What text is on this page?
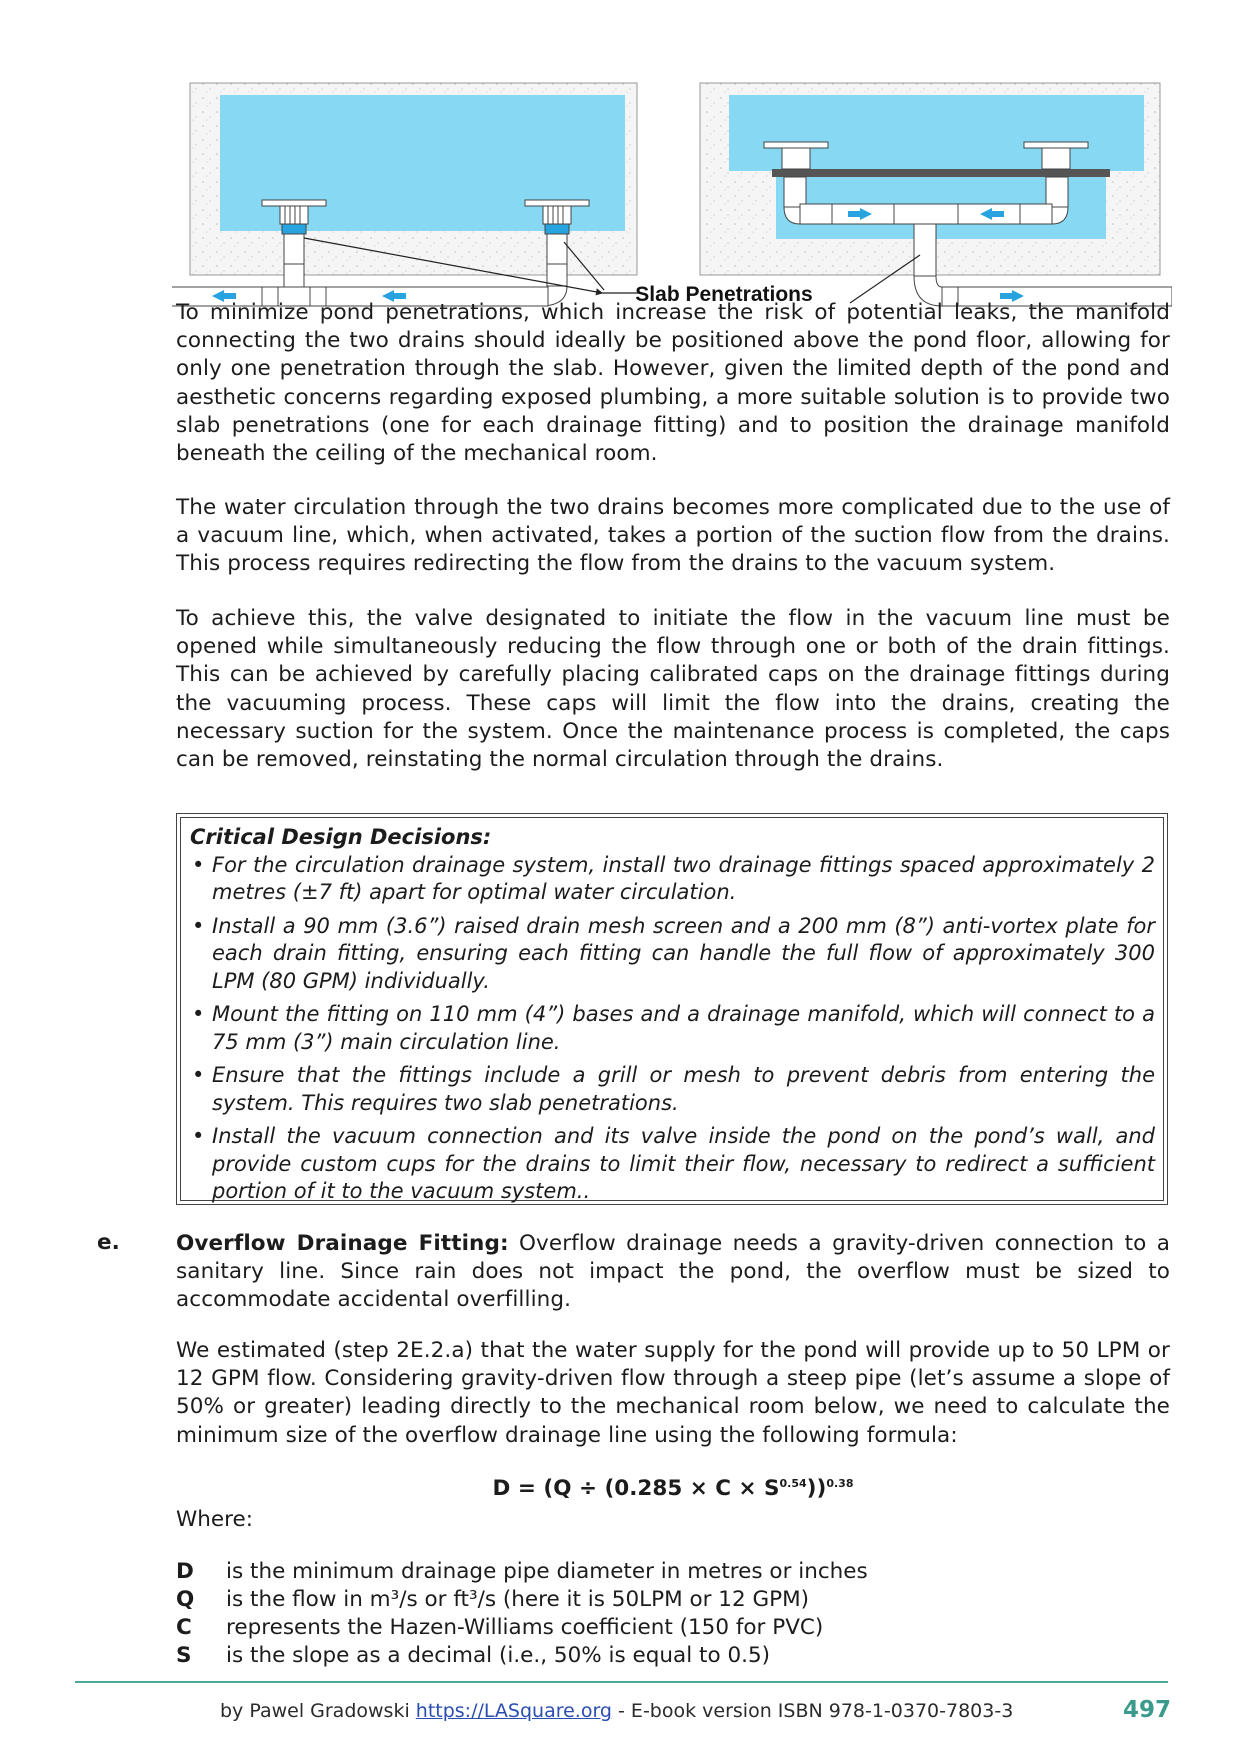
Slab Penetrations

To minimize pond penetrations, which increase the risk of potential leaks, the manifold connecting the two drains should ideally be positioned above the pond floor, allowing for only one penetration through the slab. However, given the limited depth of the pond and aesthetic concerns regarding exposed plumbing, a more suitable solution is to provide two slab penetrations (one for each drainage fitting) and to position the drainage manifold beneath the ceiling of the mechanical room.

The water circulation through the two drains becomes more complicated due to the use of a vacuum line, which, when activated, takes a portion of the suction flow from the drains. This process requires redirecting the flow from the drains to the vacuum system.

To achieve this, the valve designated to initiate the flow in the vacuum line must be opened while simultaneously reducing the flow through one or both of the drain fittings. This can be achieved by carefully placing calibrated caps on the drainage fittings during the vacuuming process. These caps will limit the flow into the drains, creating the necessary suction for the system. Once the maintenance process is completed, the caps can be removed, reinstating the normal circulation through the drains.

Critical Design Decisions:
• For the circulation drainage system, install two drainage fittings spaced approximately 2 metres (±7 ft) apart for optimal water circulation.
• Install a 90 mm (3.6”) raised drain mesh screen and a 200 mm (8”) anti-vortex plate for each drain fitting, ensuring each fitting can handle the full flow of approximately 300 LPM (80 GPM) individually.
• Mount the fitting on 110 mm (4”) bases and a drainage manifold, which will connect to a 75 mm (3”) main circulation line.
• Ensure that the fittings include a grill or mesh to prevent debris from entering the system. This requires two slab penetrations.
• Install the vacuum connection and its valve inside the pond on the pond’s wall, and provide custom cups for the drains to limit their flow, necessary to redirect a sufficient portion of it to the vacuum system..
e.	Overflow Drainage Fitting: Overflow drainage needs a gravity-driven connection to a sanitary line. Since rain does not impact the pond, the overflow must be sized to accommodate accidental overfilling.

We estimated (step 2E.2.a) that the water supply for the pond will provide up to 50 LPM or 12 GPM flow. Considering gravity-driven flow through a steep pipe (let’s assume a slope of 50% or greater) leading directly to the mechanical room below, we need to calculate the minimum size of the overflow drainage line using the following formula:

$D = (Q \div (0.285 \times C \times S^{0.54}))^{0.38}$
Where:
D is the minimum drainage pipe diameter in metres or inches
Q is the flow in m³/s or ft³/s (here it is 50LPM or 12 GPM)
C represents the Hazen-Williams coefficient (150 for PVC)
S is the slope as a decimal (i.e., 50% is equal to 0.5)
by Pawel Gradowski https://LASquare.org - E-book version ISBN 978-1-0370-7803-3	497
